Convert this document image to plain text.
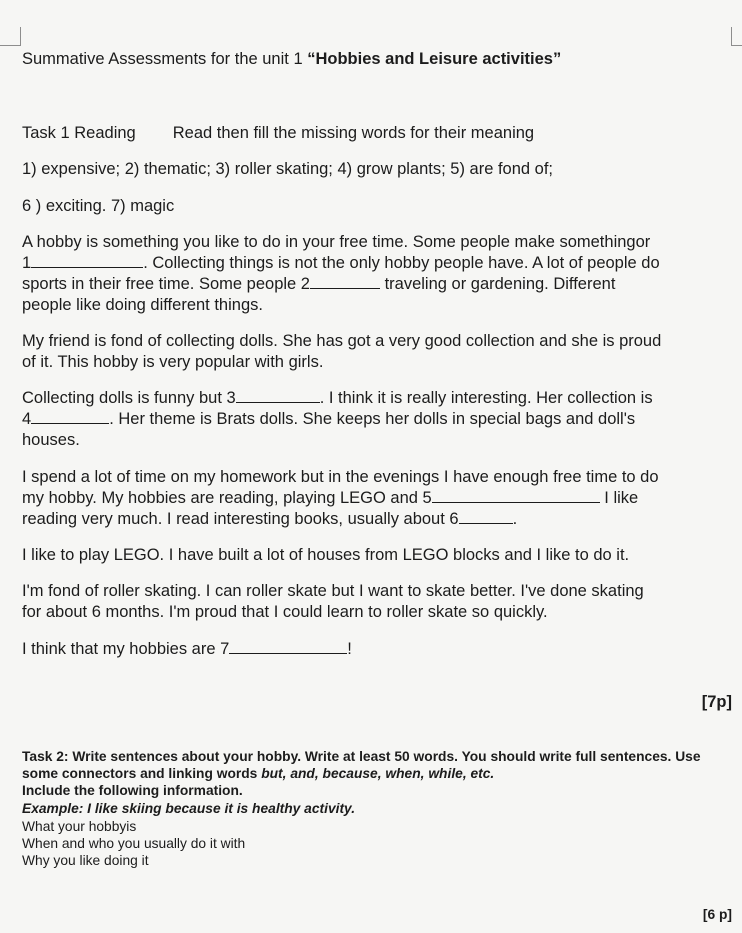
Summative Assessments for the unit 1 “Hobbies and Leisure activities”
Task 1 Reading Read then fill the missing words for their meaning
1) expensive; 2) thematic; 3) roller skating; 4) grow plants; 5) are fond of;
6 ) exciting. 7) magic
A hobby is something you like to do in your free time. Some people make somethingor
1	. Collecting things is not the only hobby people have. A lot of people do
sports in their free time. Some people 2	traveling or gardening. Different
people like doing different things.
My friend is fond of collecting dolls. She has got a very good collection and she is proud
of it. This hobby is very popular with girls.
Collecting dolls is funny but 3	. I think it is really interesting. Her collection is
4	. Her theme is Brats dolls. She keeps her dolls in special bags and doll's
houses.
I spend a lot of time on my homework but in the evenings I have enough free time to do
my hobby. My hobbies are reading, playing LEGO and 5	I like
reading very much. I read interesting books, usually about 6	.
I like to play LEGO. I have built a lot of houses from LEGO blocks and I like to do it.
I'm fond of roller skating. I can roller skate but I want to skate better. I've done skating
for about 6 months. I'm proud that I could learn to roller skate so quickly.
I think that my hobbies are 7	!
[7p]
Task 2: Write sentences about your hobby. Write at least 50 words. You should write full sentences. Use
some connectors and linking words but, and, because, when, while, etc.
Include the following information.
Example: I like skiing because it is healthy activity.
What your hobbyis
When and who you usually do it with
Why you like doing it
[6 p]
